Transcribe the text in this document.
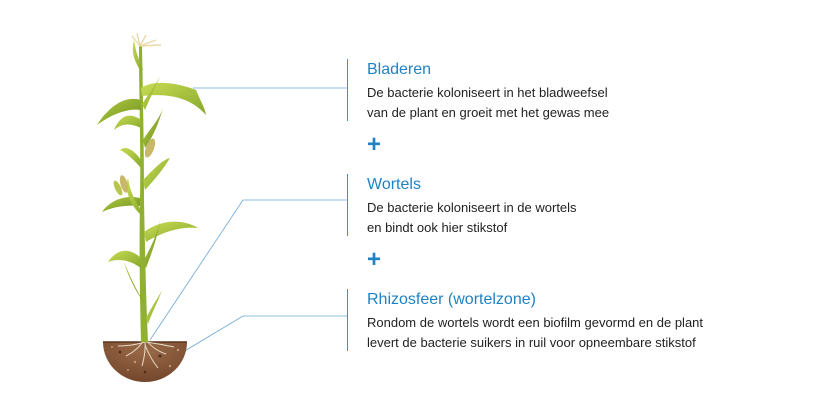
Bladeren

De bacterie koloniseert in het bladweefsel

van de plant en groeit met het gewas mee

+
Wortels

De bacterie koloniseert in de wortels

en bindt ook hier stikstof

+
Rhizosfeer (wortelzone)

Rondom de wortels wordt een biofilm gevormd en de plant

levert de bacterie suikers in ruil voor opneembare stikstof
